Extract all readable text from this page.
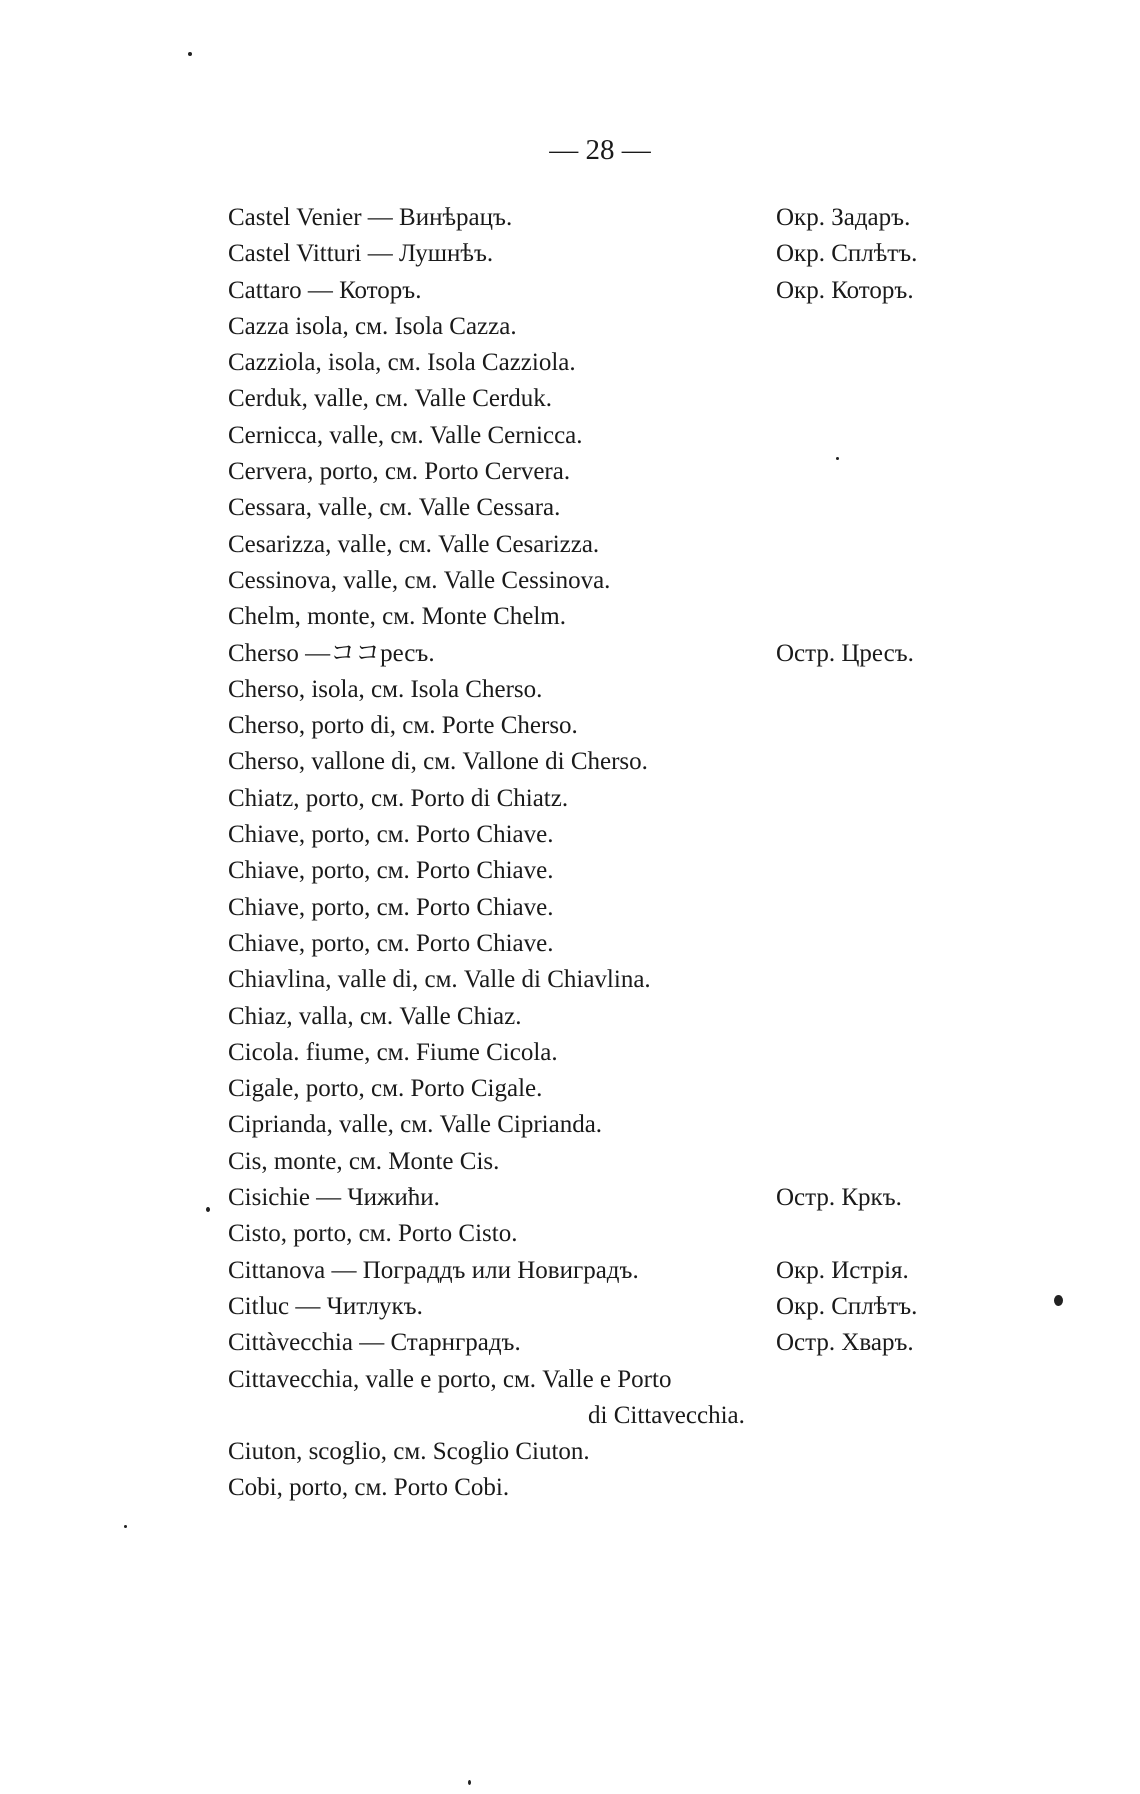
— 28 —
Castel Venier — Винѣрацъ.	Окр. Задаръ.
Castel Vitturi — Лушнѣъ.	Окр. Сплѣтъ.
Cattaro — Которъ.	Окр. Которъ.
Cazza isola, см. Isola Cazza.
Cazziola, isola, см. Isola Cazziola.
Cerduk, valle, см. Valle Cerduk.
Cernicca, valle, см. Valle Cernicca.
Cervera, porto, см. Porto Cervera.
Cessara, valle, см. Valle Cessara.
Cesarizza, valle, см. Valle Cesarizza.
Cessinova, valle, см. Valle Cessinova.
Chelm, monte, см. Monte Chelm.
Cherso —ココресъ.	Остр. Цресъ.
Cherso, isola, см. Isola Cherso.
Cherso, porto di, см. Porte Cherso.
Cherso, vallone di, см. Vallone di Cherso.
Chiatz, porto, см. Porto di Chiatz.
Chiave, porto, см. Porto Chiave.
Chiave, porto, см. Porto Chiave.
Chiave, porto, см. Porto Chiave.
Chiave, porto, см. Porto Chiave.
Chiavlina, valle di, см. Valle di Chiavlina.
Chiaz, valla, см. Valle Chiaz.
Cicola. fiume, см. Fiume Cicola.
Cigale, porto, см. Porto Cigale.
Ciprianda, valle, см. Valle Ciprianda.
Cis, monte, см. Monte Cis.
Cisichie — Чижићи.	Остр. Кркъ.
Cisto, porto, см. Porto Cisto.
Cittanova — Пограддъ или Новиградъ.	Окр. Истрія.
Citluc — Читлукъ.	Окр. Сплѣтъ.
Cittàvecchia — Старнградъ.	Остр. Хваръ.
Cittavecchia, valle e porto, см. Valle e Porto
di Cittavecchia.
Ciuton, scoglio, см. Scoglio Ciuton.
Cobi, porto, см. Porto Cobi.
